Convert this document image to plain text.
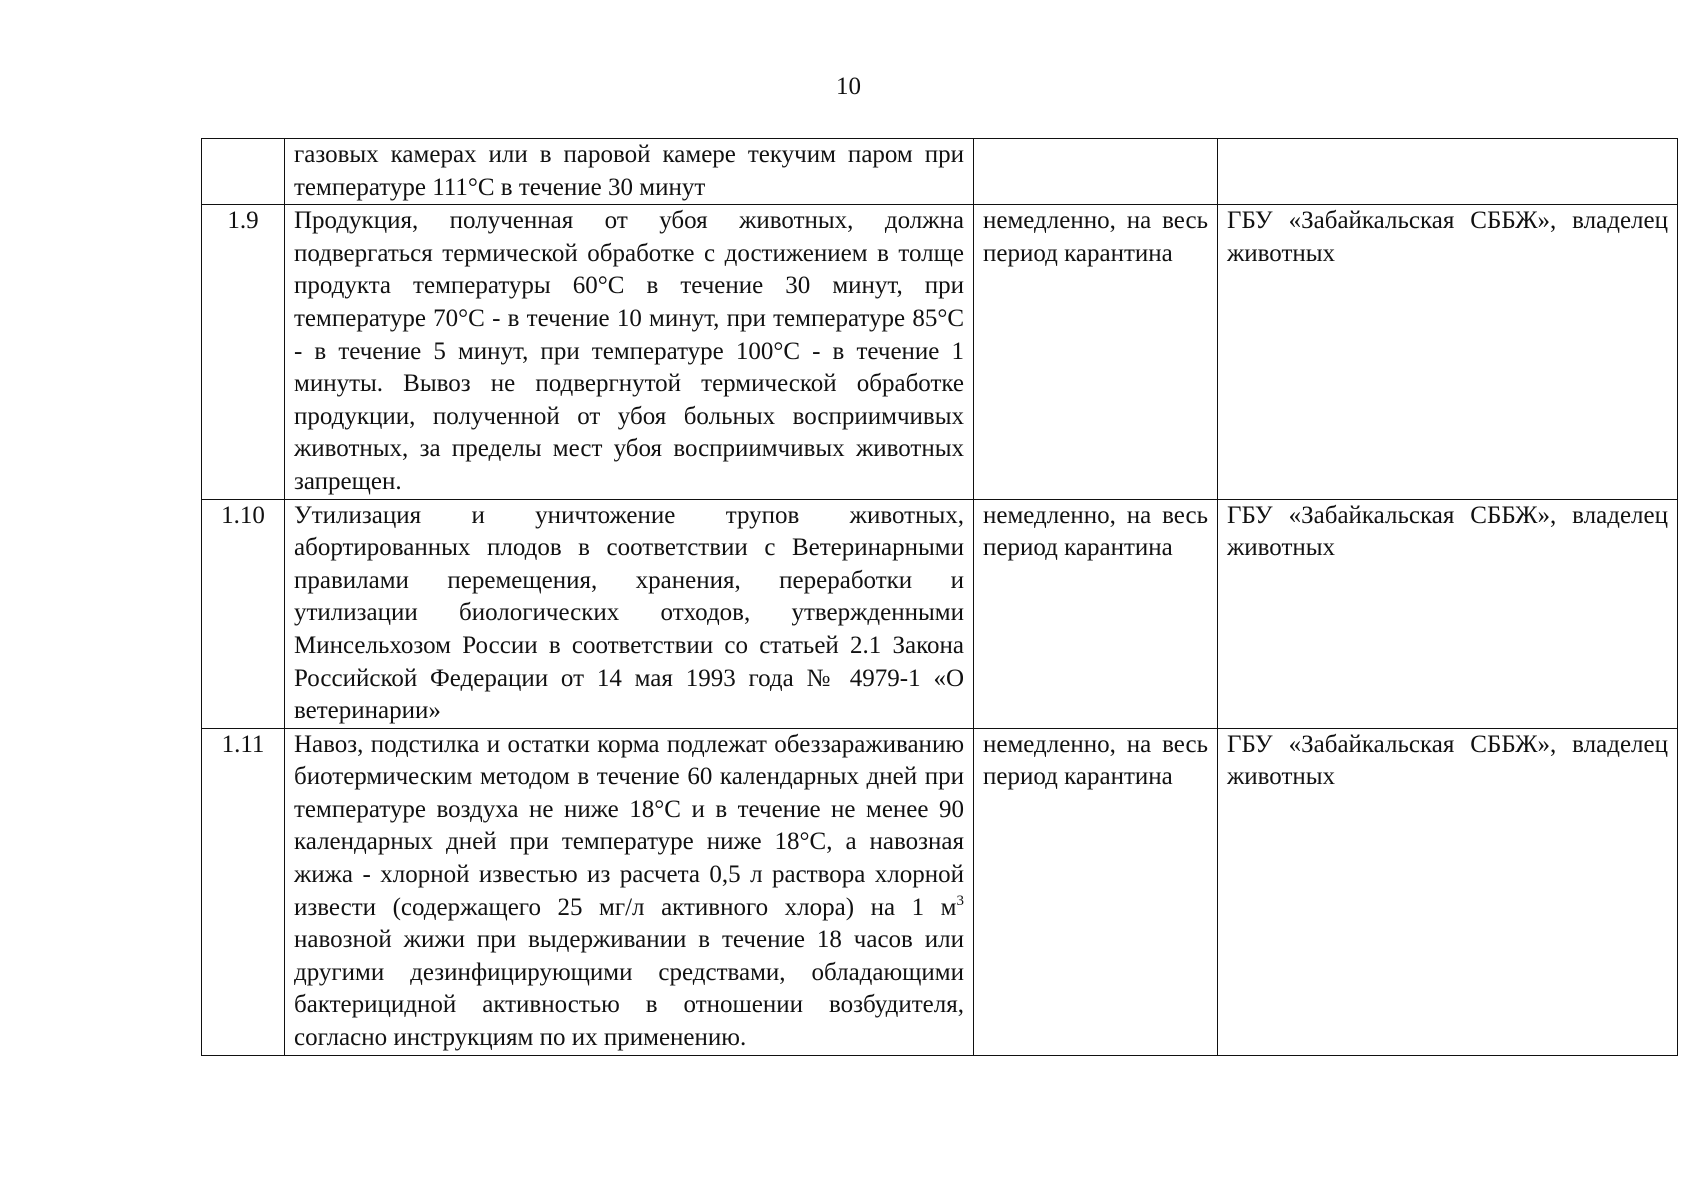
10
	газовых камерах или в паровой камере текучим паром при температуре 111°С в течение 30 минут		
1.9	Продукция, полученная от убоя животных, должна подвергаться термической обработке с достижением в толще продукта температуры 60°С в течение 30 минут, при температуре 70°С - в течение 10 минут, при температуре 85°С - в течение 5 минут, при температуре 100°С - в течение 1 минуты. Вывоз не подвергнутой термической обработке продукции, полученной от убоя больных восприимчивых животных, за пределы мест убоя восприимчивых животных запрещен.	немедленно, на весь период карантина	ГБУ «Забайкальская СББЖ», владелец животных
1.10	Утилизация и уничтожение трупов животных, абортированных плодов в соответствии с Ветеринарными правилами перемещения, хранения, переработки и утилизации биологических отходов, утвержденными Минсельхозом России в соответствии со статьей 2.1 Закона Российской Федерации от 14 мая 1993 года № 4979-1 «О ветеринарии»	немедленно, на весь период карантина	ГБУ «Забайкальская СББЖ», владелец животных
1.11	Навоз, подстилка и остатки корма подлежат обеззараживанию биотермическим методом в течение 60 календарных дней при температуре воздуха не ниже 18°С и в течение не менее 90 календарных дней при температуре ниже 18°С, а навозная жижа - хлорной известью из расчета 0,5 л раствора хлорной извести (содержащего 25 мг/л активного хлора) на 1 $м^3$ навозной жижи при выдерживании в течение 18 часов или другими дезинфицирующими средствами, обладающими бактерицидной активностью в отношении возбудителя, согласно инструкциям по их применению.	немедленно, на весь период карантина	ГБУ «Забайкальская СББЖ», владелец животных
